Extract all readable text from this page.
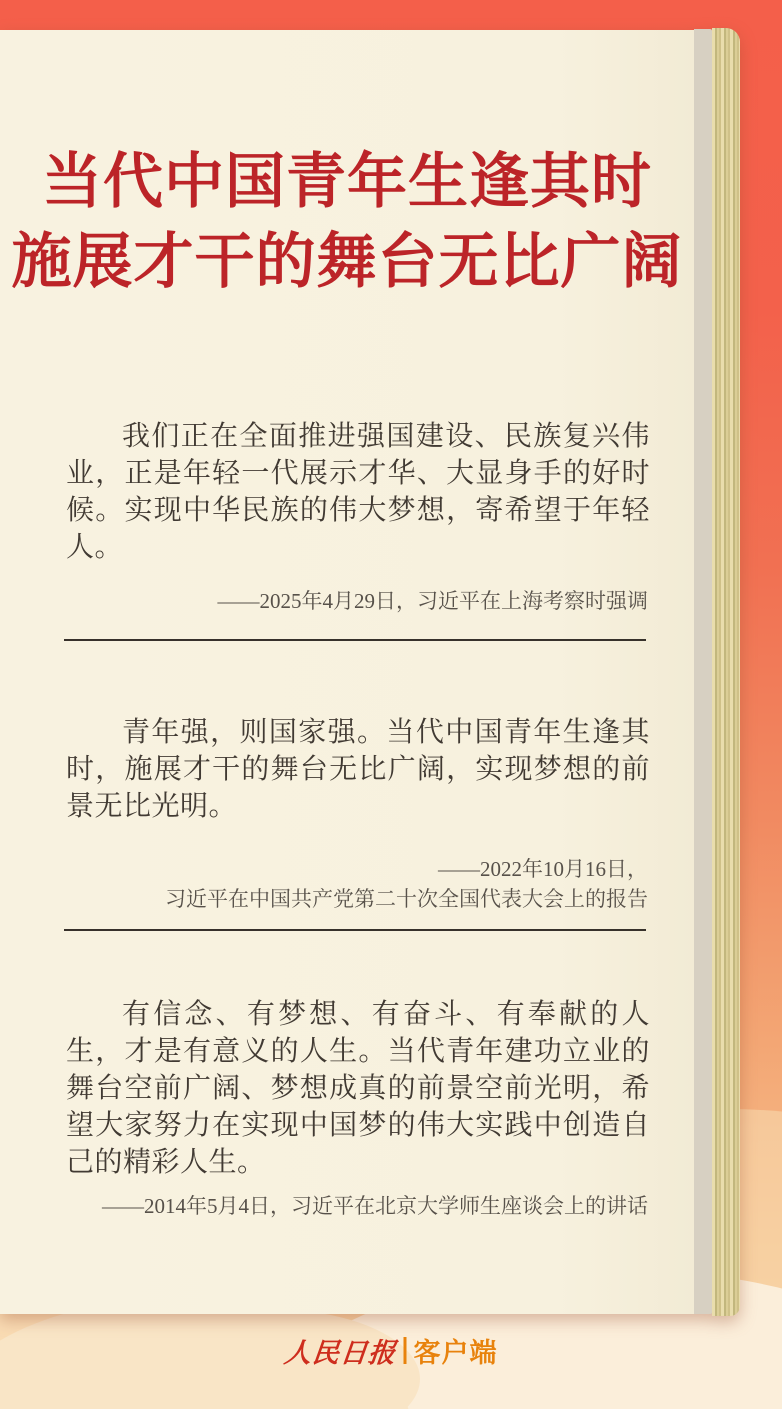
当代中国青年生逢其时
施展才干的舞台无比广阔

我们正在全面推进强国建设、民族复兴伟业，正是年轻一代展示才华、大显身手的好时候。实现中华民族的伟大梦想，寄希望于年轻人。

——2025年4月29日，习近平在上海考察时强调

青年强，则国家强。当代中国青年生逢其时，施展才干的舞台无比广阔，实现梦想的前景无比光明。

——2022年10月16日，
习近平在中国共产党第二十次全国代表大会上的报告

有信念、有梦想、有奋斗、有奉献的人生，才是有意义的人生。当代青年建功立业的舞台空前广阔、梦想成真的前景空前光明，希望大家努力在实现中国梦的伟大实践中创造自己的精彩人生。

——2014年5月4日，习近平在北京大学师生座谈会上的讲话
人民日报 客户端
